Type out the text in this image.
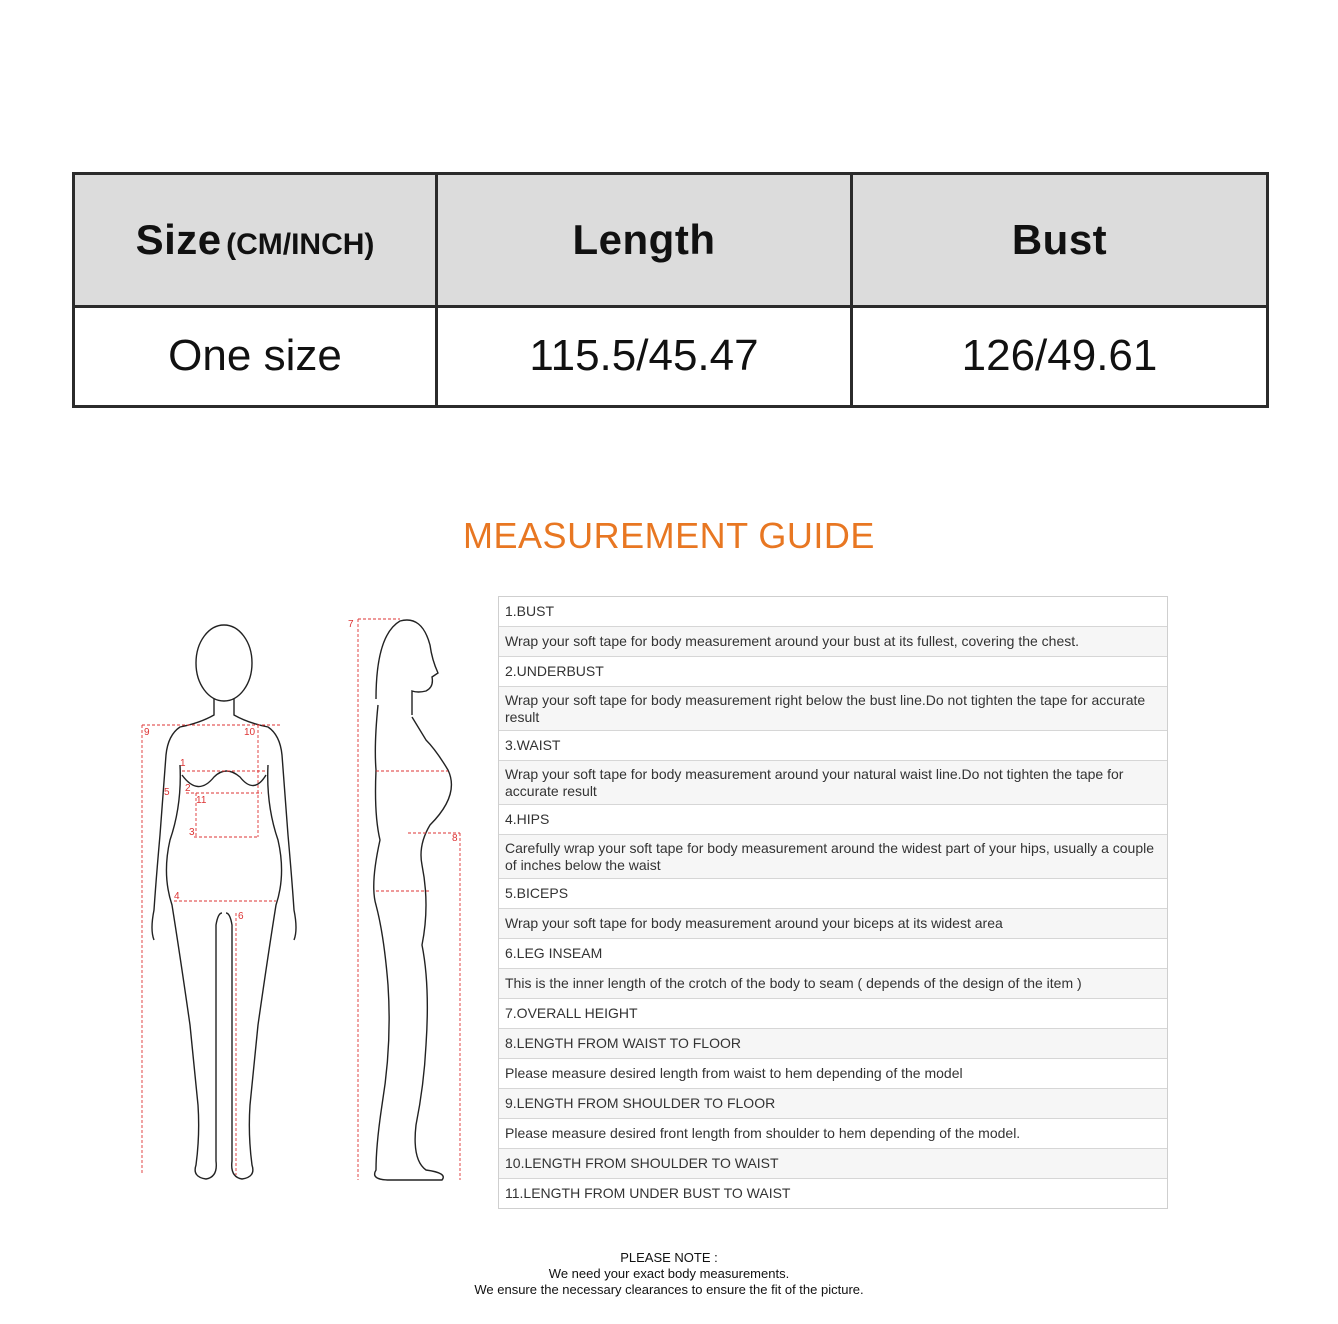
Size (CM/INCH)	Length	Bust
One size	115.5/45.47	126/49.61
MEASUREMENT GUIDE
1
2
3
4
5
6
7
8
9	10
11
1.BUST
Wrap your soft tape for body measurement around your bust at its fullest, covering the chest.
2.UNDERBUST
Wrap your soft tape for body measurement right below the bust line.Do not tighten the tape for accurate result
3.WAIST
Wrap your soft tape for body measurement around your natural waist line.Do not tighten the tape for accurate result
4.HIPS
Carefully wrap your soft tape for body measurement around the widest part of your hips, usually a couple of inches below the waist
5.BICEPS
Wrap your soft tape for body measurement around your biceps at its widest area
6.LEG INSEAM
This is the inner length of the crotch of the body to seam ( depends of the design of the item )
7.OVERALL HEIGHT
8.LENGTH FROM WAIST TO FLOOR
Please measure desired length from waist to hem depending of the model
9.LENGTH FROM SHOULDER TO FLOOR
Please measure desired front length from shoulder to hem depending of the model.
10.LENGTH FROM SHOULDER TO WAIST
11.LENGTH FROM UNDER BUST TO WAIST
PLEASE NOTE :
We need your exact body measurements.
We ensure the necessary clearances to ensure the fit of the picture.
